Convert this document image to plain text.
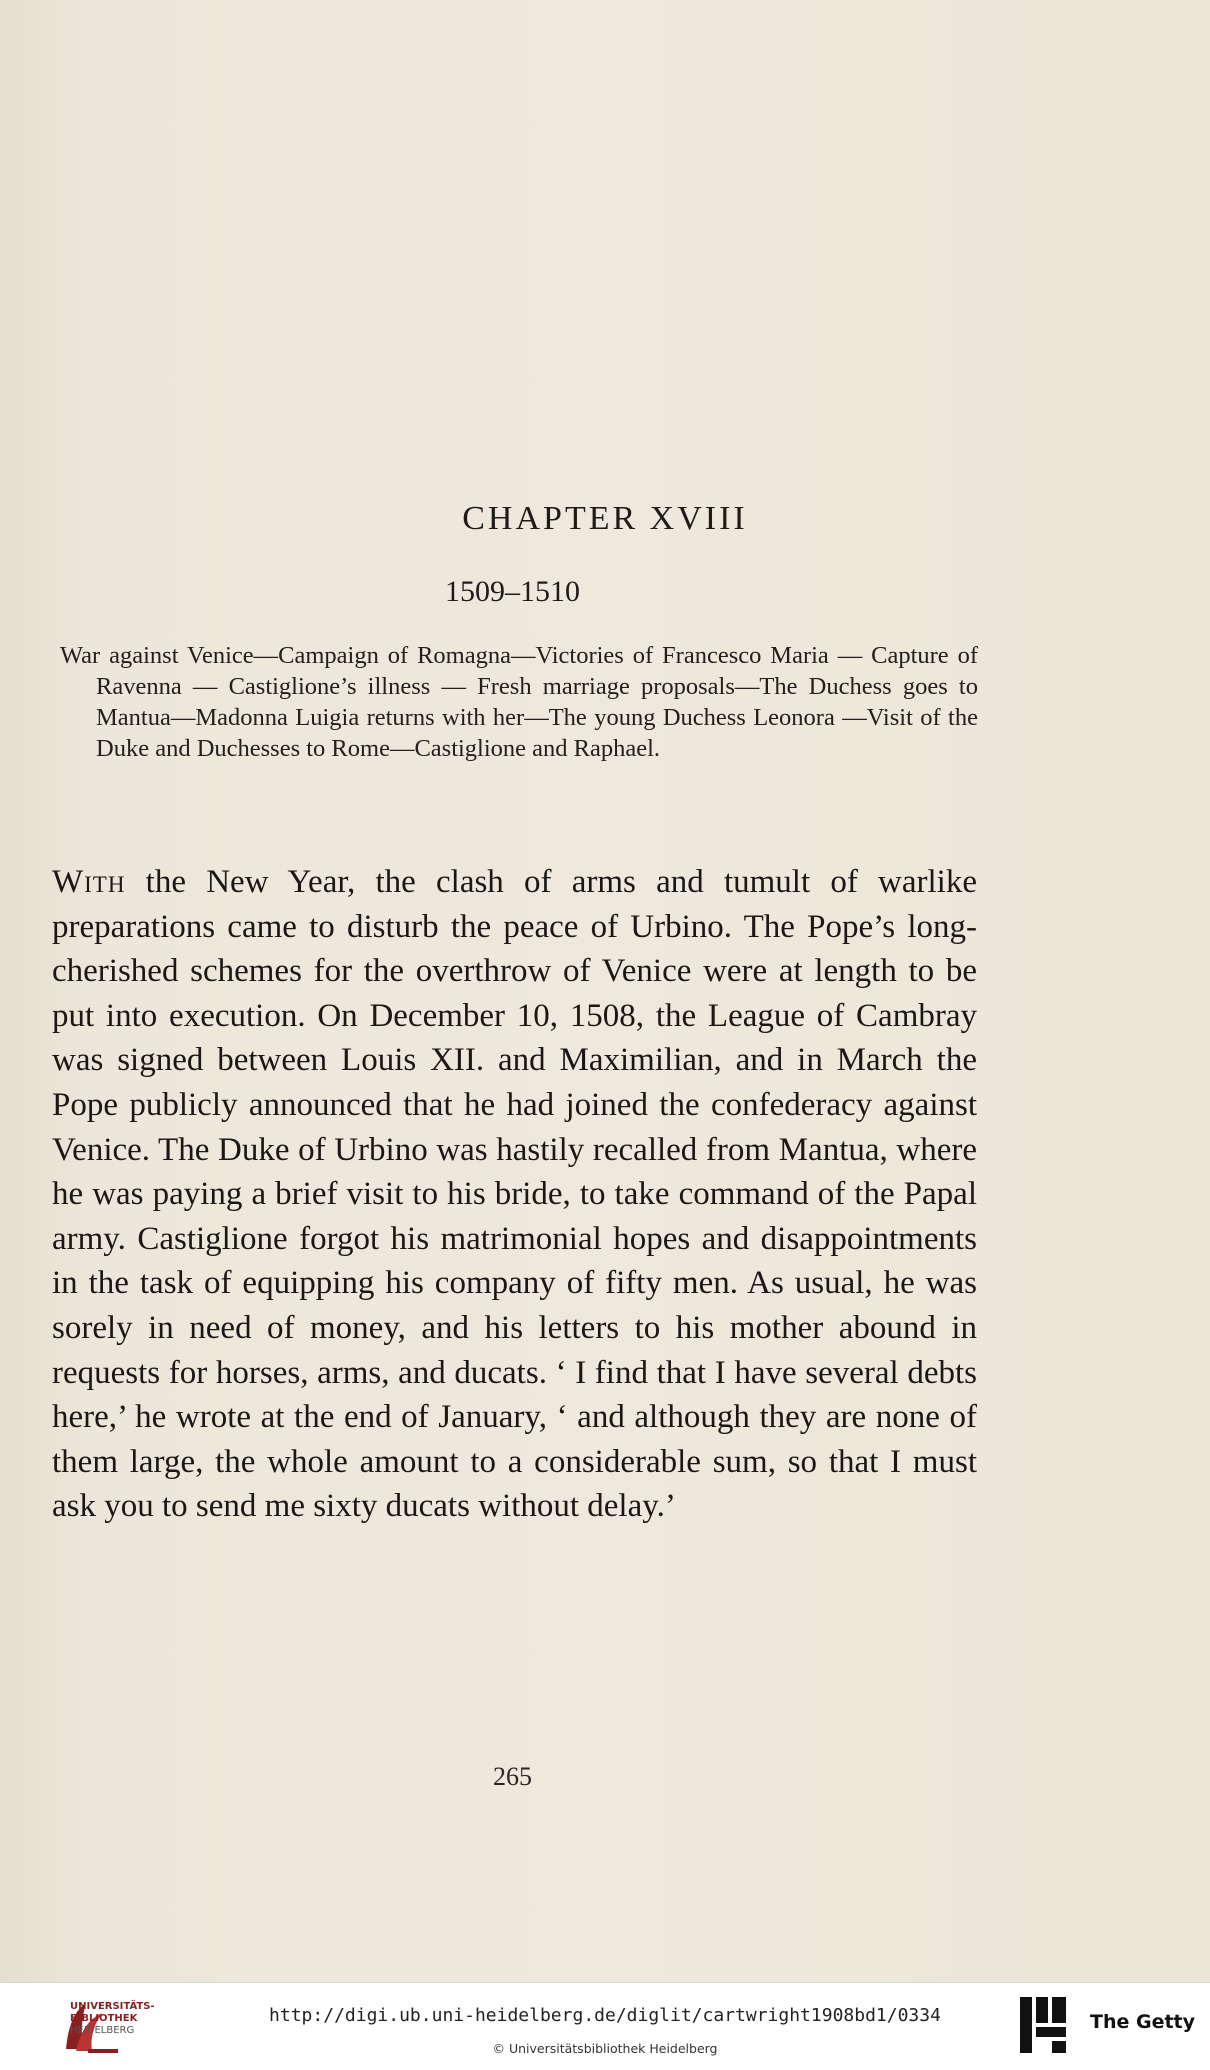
CHAPTER XVIII
1509–1510
War against Venice—Campaign of Romagna—Victories of Francesco Maria — Capture of Ravenna — Castiglione’s illness — Fresh marriage proposals—The Duchess goes to Mantua—Madonna Luigia returns with her—The young Duchess Leonora —Visit of the Duke and Duchesses to Rome—Castiglione and Raphael.
With the New Year, the clash of arms and tumult of warlike preparations came to disturb the peace of Urbino. The Pope’s long-cherished schemes for the overthrow of Venice were at length to be put into execution. On December 10, 1508, the League of Cambray was signed between Louis XII. and Maximilian, and in March the Pope publicly announced that he had joined the confederacy against Venice. The Duke of Urbino was hastily recalled from Mantua, where he was paying a brief visit to his bride, to take command of the Papal army. Castiglione forgot his matrimonial hopes and disappointments in the task of equipping his company of fifty men. As usual, he was sorely in need of money, and his letters to his mother abound in requests for horses, arms, and ducats. ‘ I find that I have several debts here,’ he wrote at the end of January, ‘ and although they are none of them large, the whole amount to a considerable sum, so that I must ask you to send me sixty ducats without delay.’
265
UNIVERSITÄTS-
BIBLIOTHEK
HEIDELBERG
http://digi.ub.uni-heidelberg.de/diglit/cartwright1908bd1/0334
© Universitätsbibliothek Heidelberg
The Getty
